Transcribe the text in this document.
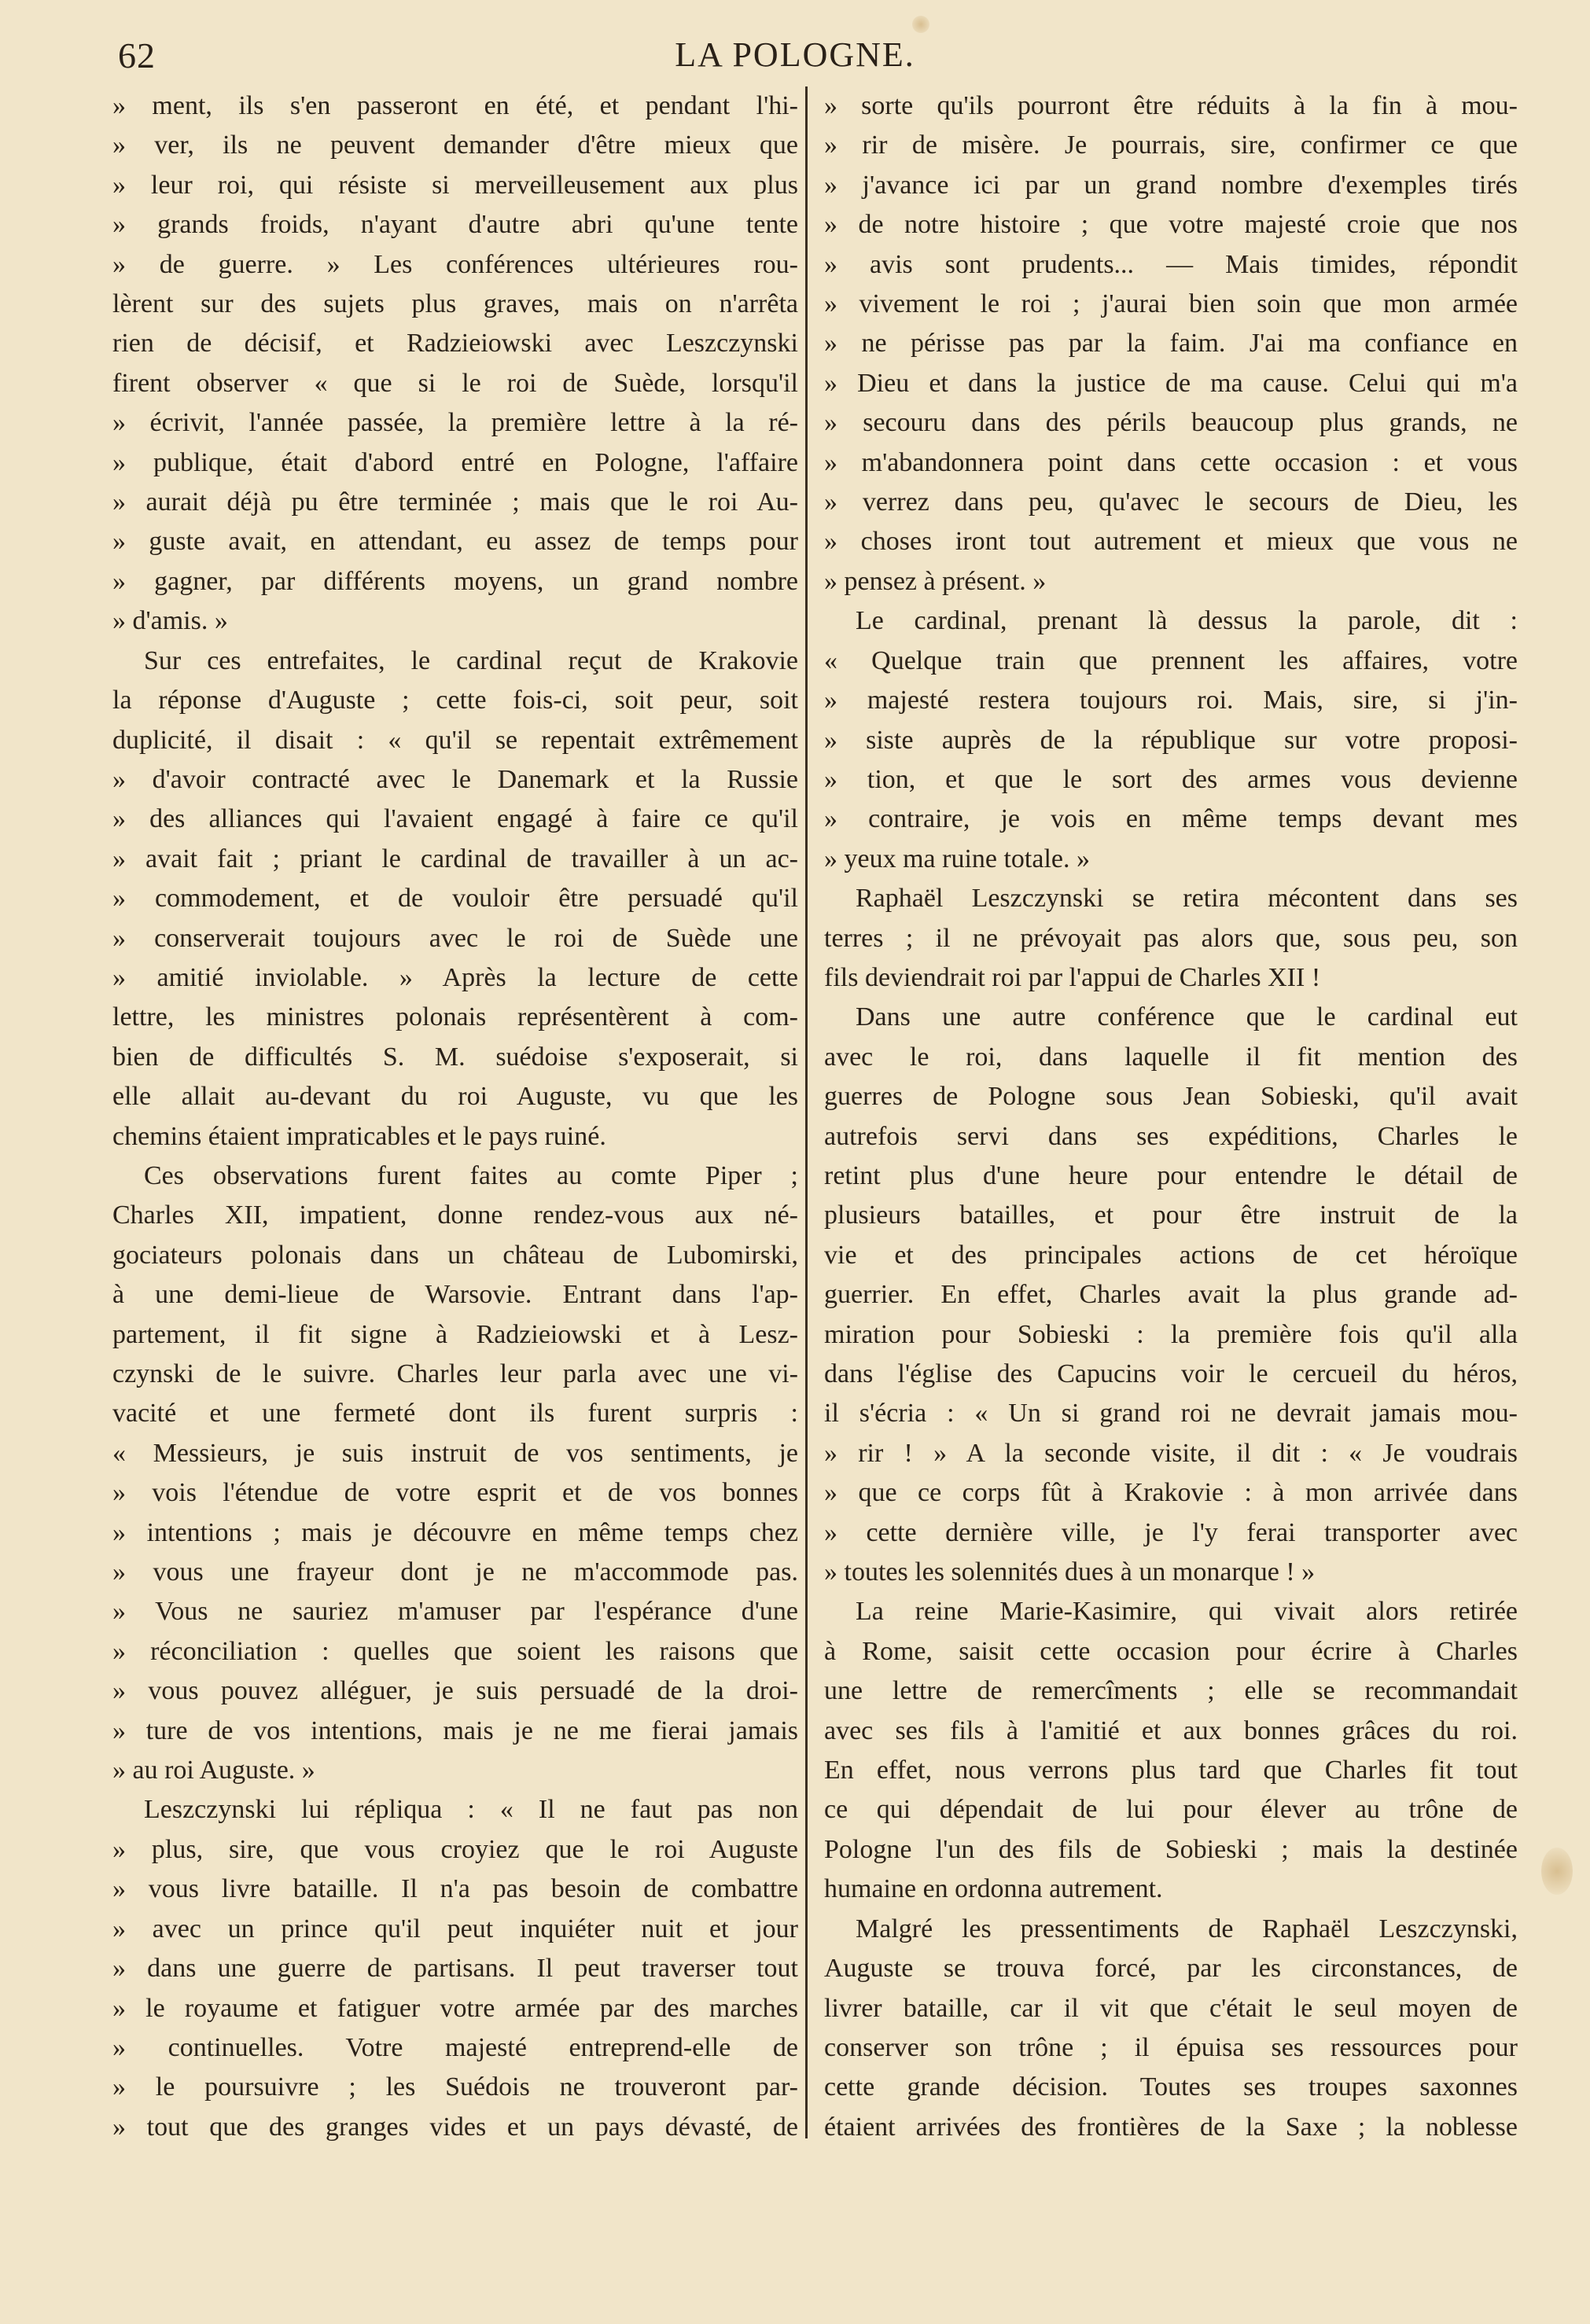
62	LA POLOGNE.
» ment, ils s'en passeront en été, et pendant l'hi-
» ver, ils ne peuvent demander d'être mieux que
» leur roi, qui résiste si merveilleusement aux plus
» grands froids, n'ayant d'autre abri qu'une tente
» de guerre. » Les conférences ultérieures rou-
lèrent sur des sujets plus graves, mais on n'arrêta
rien de décisif, et Radzieiowski avec Leszczynski
firent observer « que si le roi de Suède, lorsqu'il
» écrivit, l'année passée, la première lettre à la ré-
» publique, était d'abord entré en Pologne, l'affaire
» aurait déjà pu être terminée ; mais que le roi Au-
» guste avait, en attendant, eu assez de temps pour
» gagner, par différents moyens, un grand nombre
» d'amis. »
Sur ces entrefaites, le cardinal reçut de Krakovie
la réponse d'Auguste ; cette fois-ci, soit peur, soit
duplicité, il disait : « qu'il se repentait extrêmement
» d'avoir contracté avec le Danemark et la Russie
» des alliances qui l'avaient engagé à faire ce qu'il
» avait fait ; priant le cardinal de travailler à un ac-
» commodement, et de vouloir être persuadé qu'il
» conserverait toujours avec le roi de Suède une
» amitié inviolable. » Après la lecture de cette
lettre, les ministres polonais représentèrent à com-
bien de difficultés S. M. suédoise s'exposerait, si
elle allait au-devant du roi Auguste, vu que les
chemins étaient impraticables et le pays ruiné.
Ces observations furent faites au comte Piper ;
Charles XII, impatient, donne rendez-vous aux né-
gociateurs polonais dans un château de Lubomirski,
à une demi-lieue de Warsovie. Entrant dans l'ap-
partement, il fit signe à Radzieiowski et à Lesz-
czynski de le suivre. Charles leur parla avec une vi-
vacité et une fermeté dont ils furent surpris :
« Messieurs, je suis instruit de vos sentiments, je
» vois l'étendue de votre esprit et de vos bonnes
» intentions ; mais je découvre en même temps chez
» vous une frayeur dont je ne m'accommode pas.
» Vous ne sauriez m'amuser par l'espérance d'une
» réconciliation : quelles que soient les raisons que
» vous pouvez alléguer, je suis persuadé de la droi-
» ture de vos intentions, mais je ne me fierai jamais
» au roi Auguste. »
Leszczynski lui répliqua : « Il ne faut pas non
» plus, sire, que vous croyiez que le roi Auguste
» vous livre bataille. Il n'a pas besoin de combattre
» avec un prince qu'il peut inquiéter nuit et jour
» dans une guerre de partisans. Il peut traverser tout
» le royaume et fatiguer votre armée par des marches
» continuelles. Votre majesté entreprend-elle de
» le poursuivre ; les Suédois ne trouveront par-
» tout que des granges vides et un pays dévasté, de
» sorte qu'ils pourront être réduits à la fin à mou-
» rir de misère. Je pourrais, sire, confirmer ce que
» j'avance ici par un grand nombre d'exemples tirés
» de notre histoire ; que votre majesté croie que nos
» avis sont prudents... — Mais timides, répondit
» vivement le roi ; j'aurai bien soin que mon armée
» ne périsse pas par la faim. J'ai ma confiance en
» Dieu et dans la justice de ma cause. Celui qui m'a
» secouru dans des périls beaucoup plus grands, ne
» m'abandonnera point dans cette occasion : et vous
» verrez dans peu, qu'avec le secours de Dieu, les
» choses iront tout autrement et mieux que vous ne
» pensez à présent. »
Le cardinal, prenant là dessus la parole, dit :
« Quelque train que prennent les affaires, votre
» majesté restera toujours roi. Mais, sire, si j'in-
» siste auprès de la république sur votre proposi-
» tion, et que le sort des armes vous devienne
» contraire, je vois en même temps devant mes
» yeux ma ruine totale. »
Raphaël Leszczynski se retira mécontent dans ses
terres ; il ne prévoyait pas alors que, sous peu, son
fils deviendrait roi par l'appui de Charles XII !
Dans une autre conférence que le cardinal eut
avec le roi, dans laquelle il fit mention des
guerres de Pologne sous Jean Sobieski, qu'il avait
autrefois servi dans ses expéditions, Charles le
retint plus d'une heure pour entendre le détail de
plusieurs batailles, et pour être instruit de la
vie et des principales actions de cet héroïque
guerrier. En effet, Charles avait la plus grande ad-
miration pour Sobieski : la première fois qu'il alla
dans l'église des Capucins voir le cercueil du héros,
il s'écria : « Un si grand roi ne devrait jamais mou-
» rir ! » A la seconde visite, il dit : « Je voudrais
» que ce corps fût à Krakovie : à mon arrivée dans
» cette dernière ville, je l'y ferai transporter avec
» toutes les solennités dues à un monarque ! »
La reine Marie-Kasimire, qui vivait alors retirée
à Rome, saisit cette occasion pour écrire à Charles
une lettre de remercîments ; elle se recommandait
avec ses fils à l'amitié et aux bonnes grâces du roi.
En effet, nous verrons plus tard que Charles fit tout
ce qui dépendait de lui pour élever au trône de
Pologne l'un des fils de Sobieski ; mais la destinée
humaine en ordonna autrement.
Malgré les pressentiments de Raphaël Leszczynski,
Auguste se trouva forcé, par les circonstances, de
livrer bataille, car il vit que c'était le seul moyen de
conserver son trône ; il épuisa ses ressources pour
cette grande décision. Toutes ses troupes saxonnes
étaient arrivées des frontières de la Saxe ; la noblesse
